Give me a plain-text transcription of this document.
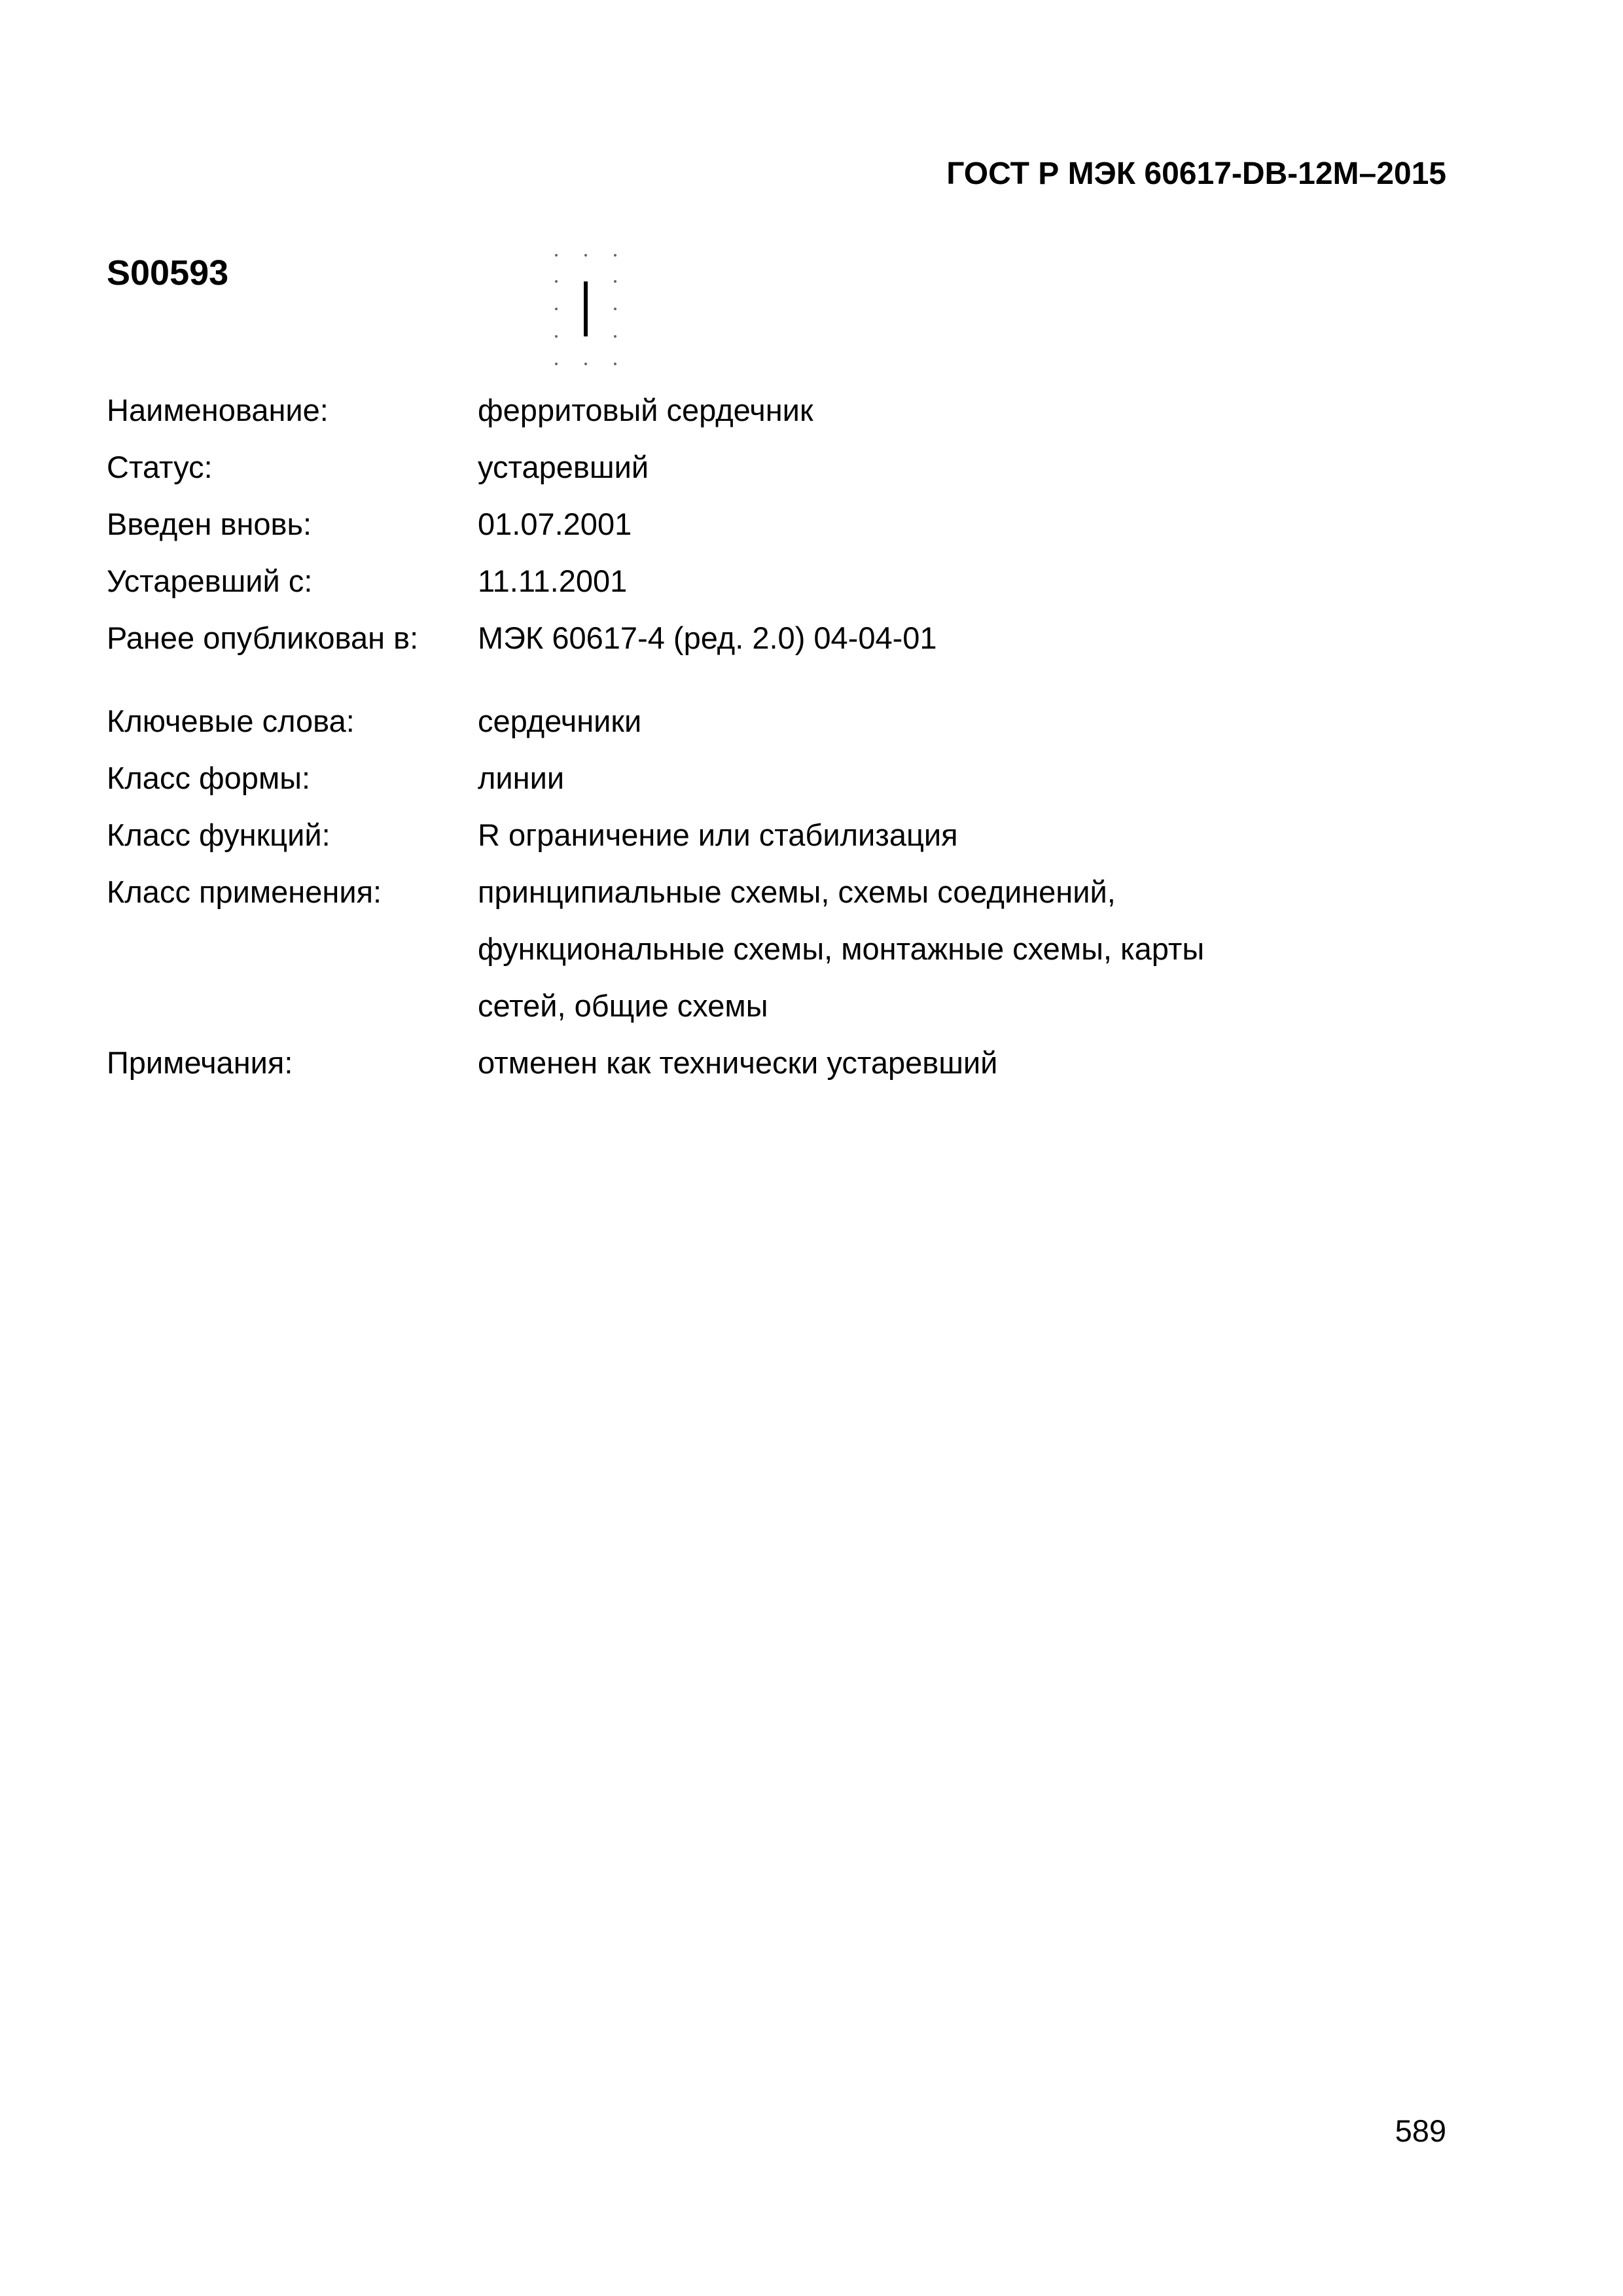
ГОСТ Р МЭК 60617-DB-12M–2015
S00593
Наименование:	ферритовый сердечник
Статус:	устаревший
Введен вновь:	01.07.2001
Устаревший с:	11.11.2001
Ранее опубликован в:	МЭК 60617-4 (ред. 2.0) 04-04-01
Ключевые слова:	сердечники
Класс формы:	линии
Класс функций:	R ограничение или стабилизация
Класс применения:	принципиальные схемы, схемы соединений,
функциональные схемы, монтажные схемы, карты
сетей, общие схемы
Примечания:	отменен как технически устаревший
589
